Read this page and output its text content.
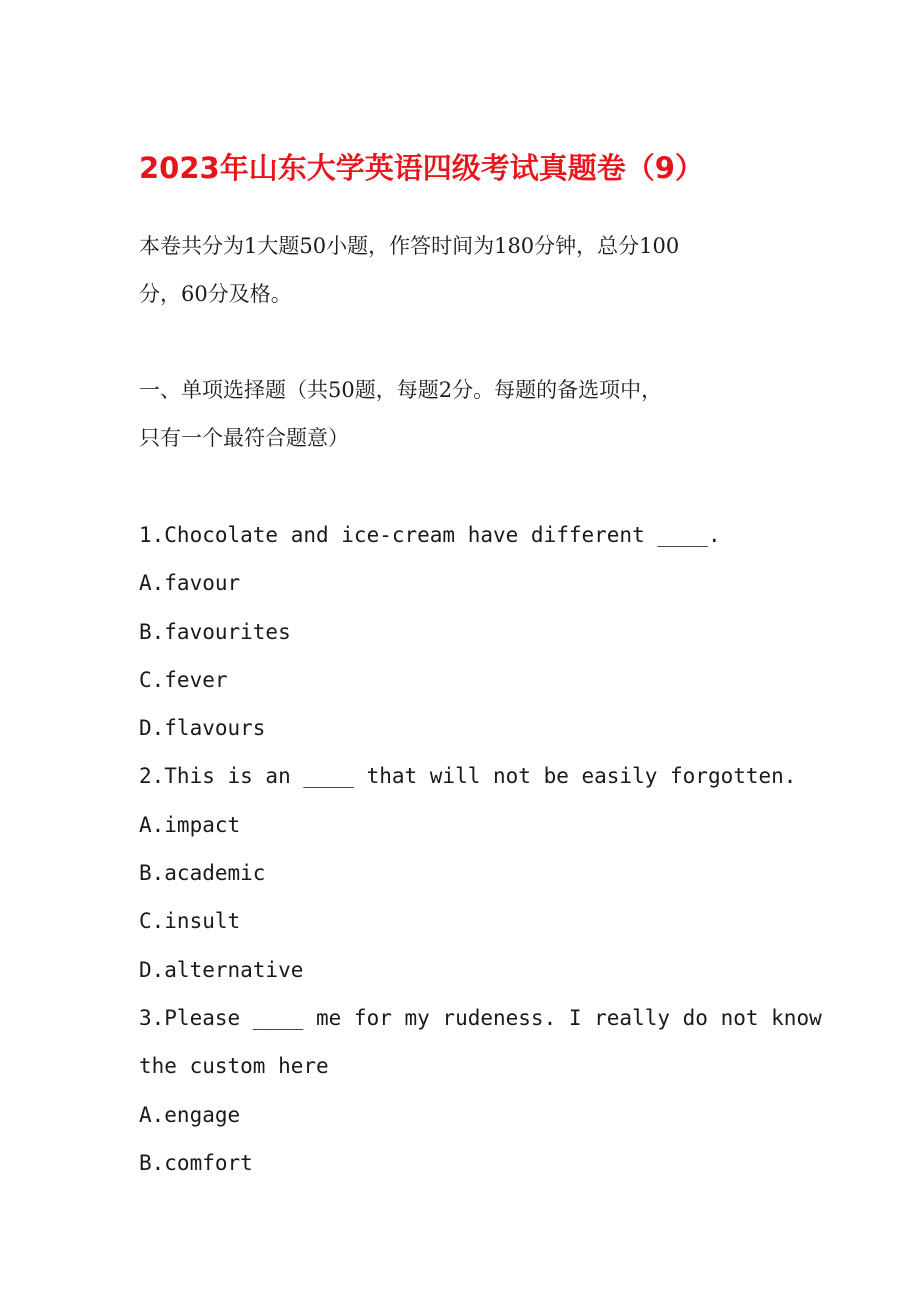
2023年山东大学英语四级考试真题卷（9）
本卷共分为1大题50小题，作答时间为180分钟，总分100
分，60分及格。
一、单项选择题（共50题，每题2分。每题的备选项中，
只有一个最符合题意）
1.Chocolate and ice-cream have different ____.
A.favour
B.favourites
C.fever
D.flavours
2.This is an ____ that will not be easily forgotten.
A.impact
B.academic
C.insult
D.alternative
3.Please ____ me for my rudeness. I really do not know
the custom here
A.engage
B.comfort
